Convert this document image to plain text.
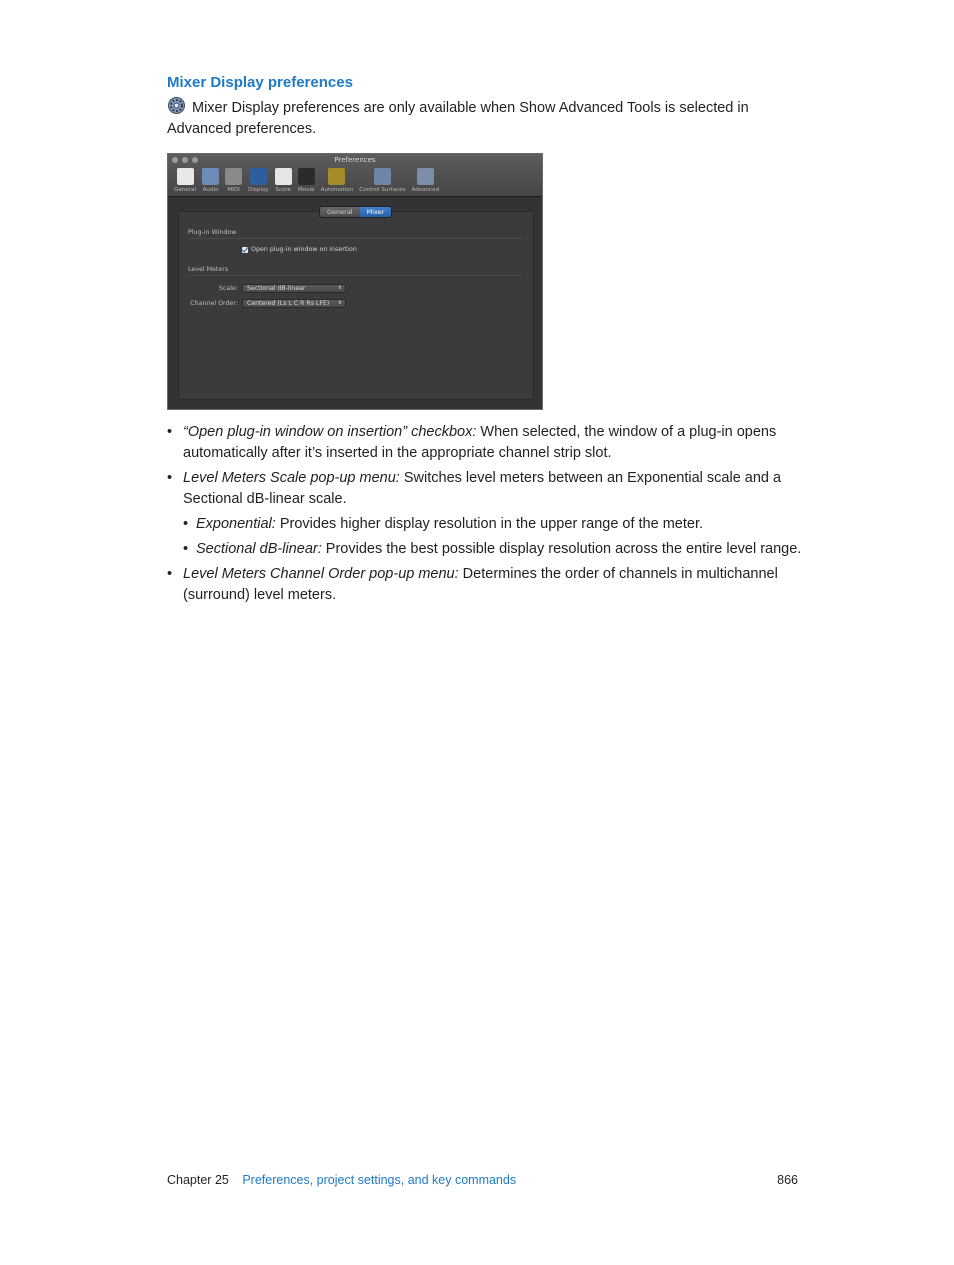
Mixer Display preferences
Mixer Display preferences are only available when Show Advanced Tools is selected in
Advanced preferences.
Preferences
General Audio MIDI Display Score Movie Automation Control Surfaces Advanced
General	Mixer
Plug-in Window
Open plug-in window on insertion
Level Meters
Scale:	Sectional dB-linear	⬍
Channel Order:	Centered (Ls L C R Rs LFE) ⬍
• “Open plug-in window on insertion” checkbox: When selected, the window of a plug-in opens automatically after it’s inserted in the appropriate channel strip slot.
• Level Meters Scale pop-up menu: Switches level meters between an Exponential scale and a Sectional dB-linear scale.
• Exponential: Provides higher display resolution in the upper range of the meter.
• Sectional dB-linear: Provides the best possible display resolution across the entire level range.
• Level Meters Channel Order pop-up menu: Determines the order of channels in multichannel (surround) level meters.
Chapter 25 Preferences, project settings, and key commands	866
